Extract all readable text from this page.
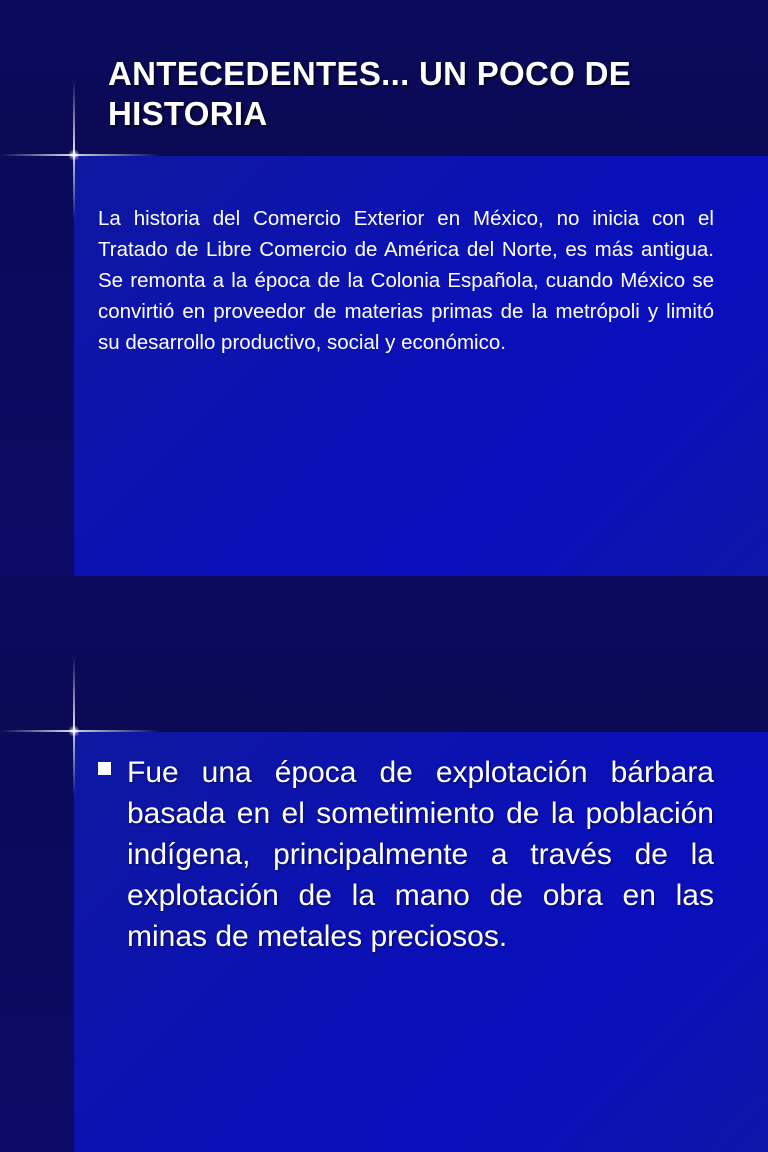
ANTECEDENTES... UN POCO DE HISTORIA

La historia del Comercio Exterior en México, no inicia con el Tratado de Libre Comercio de América del Norte, es más antigua. Se remonta a la época de la Colonia Española, cuando México se convirtió en proveedor de materias primas de la metrópoli y limitó su desarrollo productivo, social y económico.

Fue una época de explotación bárbara basada en el sometimiento de la población indígena, principalmente a través de la explotación de la mano de obra en las minas de metales preciosos.
